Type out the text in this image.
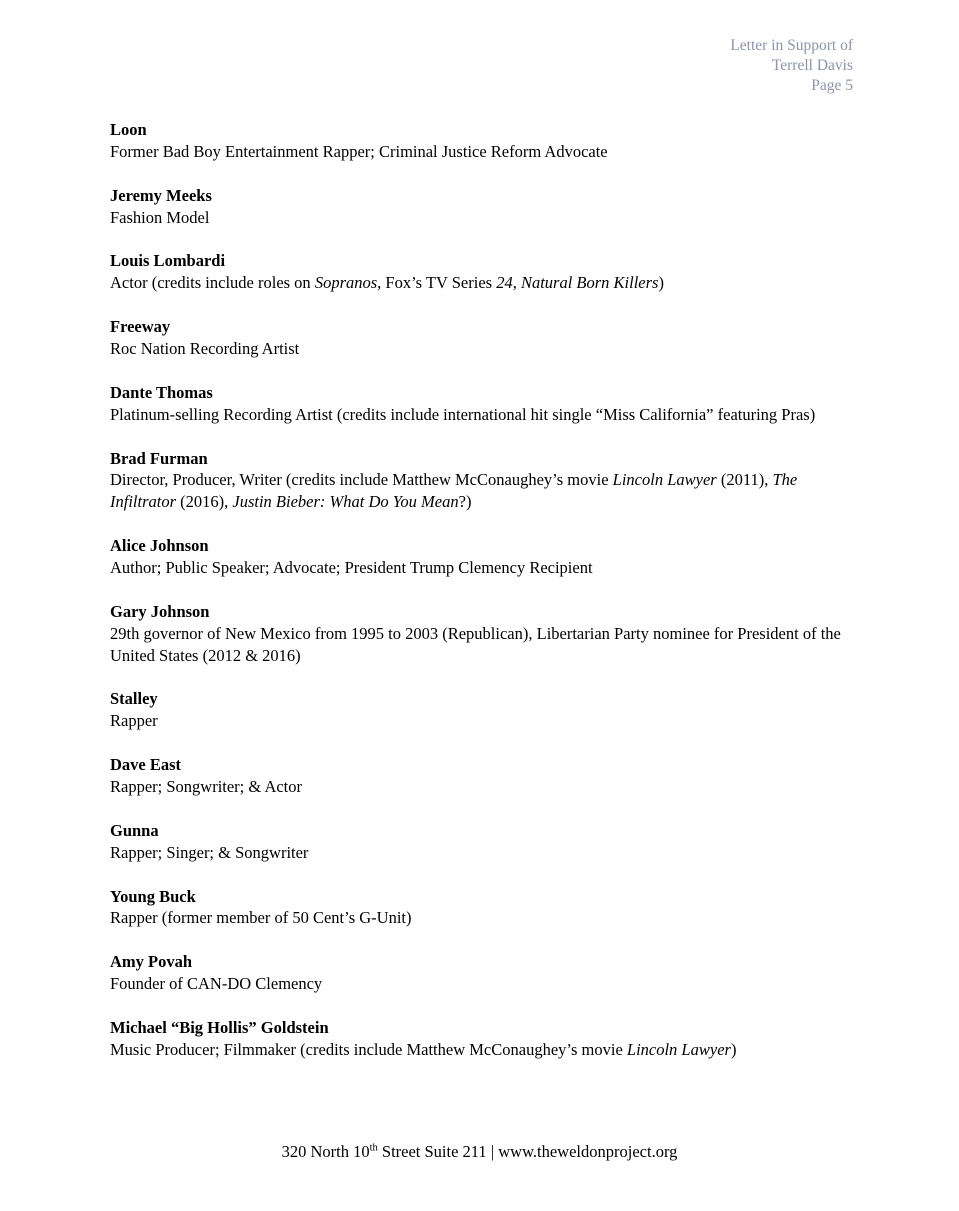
Letter in Support of
Terrell Davis
Page 5
Loon
Former Bad Boy Entertainment Rapper; Criminal Justice Reform Advocate
Jeremy Meeks
Fashion Model
Louis Lombardi
Actor (credits include roles on Sopranos, Fox’s TV Series 24, Natural Born Killers)
Freeway
Roc Nation Recording Artist
Dante Thomas
Platinum-selling Recording Artist (credits include international hit single “Miss California” featuring Pras)
Brad Furman
Director, Producer, Writer (credits include Matthew McConaughey’s movie Lincoln Lawyer (2011), The Infiltrator (2016), Justin Bieber: What Do You Mean?)
Alice Johnson
Author; Public Speaker; Advocate; President Trump Clemency Recipient
Gary Johnson
29th governor of New Mexico from 1995 to 2003 (Republican), Libertarian Party nominee for President of the United States (2012 & 2016)
Stalley
Rapper
Dave East
Rapper; Songwriter; & Actor
Gunna
Rapper; Singer; & Songwriter
Young Buck
Rapper (former member of 50 Cent’s G-Unit)
Amy Povah
Founder of CAN-DO Clemency
Michael “Big Hollis” Goldstein
Music Producer; Filmmaker (credits include Matthew McConaughey’s movie Lincoln Lawyer)
320 North 10th Street Suite 211 | www.theweldonproject.org
